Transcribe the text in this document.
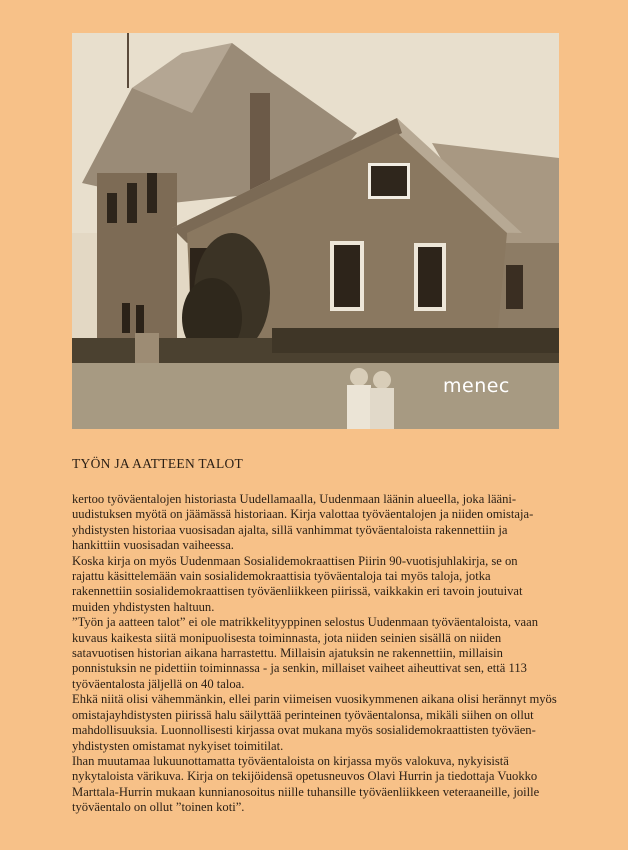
menec
TYÖN JA AATTEEN TALOT

kertoo työväentalojen historiasta Uudellamaalla, Uudenmaan läänin alueella, joka lääni-

uudistuksen myötä on jäämässä historiaan. Kirja valottaa työväentalojen ja niiden omistaja-

yhdistysten historiaa vuosisadan ajalta, sillä vanhimmat työväentaloista rakennettiin ja

hankittiin vuosisadan vaiheessa.

Koska kirja on myös Uudenmaan Sosialidemokraattisen Piirin 90-vuotisjuhlakirja, se on

rajattu käsittelemään vain sosialidemokraattisia työväentaloja tai myös taloja, jotka

rakennettiin sosialidemokraattisen työväenliikkeen piirissä, vaikkakin eri tavoin joutuivat

muiden yhdistysten haltuun.

”Työn ja aatteen talot” ei ole matrikkelityyppinen selostus Uudenmaan työväentaloista, vaan

kuvaus kaikesta siitä monipuolisesta toiminnasta, jota niiden seinien sisällä on niiden

satavuotisen historian aikana harrastettu. Millaisin ajatuksin ne rakennettiin, millaisin

ponnistuksin ne pidettiin toiminnassa - ja senkin, millaiset vaiheet aiheuttivat sen, että 113

työväentalosta jäljellä on 40 taloa.

Ehkä niitä olisi vähemmänkin, ellei parin viimeisen vuosikymmenen aikana olisi herännyt myös

omistajayhdistysten piirissä halu säilyttää perinteinen työväentalonsa, mikäli siihen on ollut

mahdollisuuksia. Luonnollisesti kirjassa ovat mukana myös sosialidemokraattisten työväen-

yhdistysten omistamat nykyiset toimitilat.

Ihan muutamaa lukuunottamatta työväentaloista on kirjassa myös valokuva, nykyisistä

nykytaloista värikuva. Kirja on tekijöidensä opetusneuvos Olavi Hurrin ja tiedottaja Vuokko

Marttala-Hurrin mukaan kunnianosoitus niille tuhansille työväenliikkeen veteraaneille, joille

työväentalo on ollut ”toinen koti”.
